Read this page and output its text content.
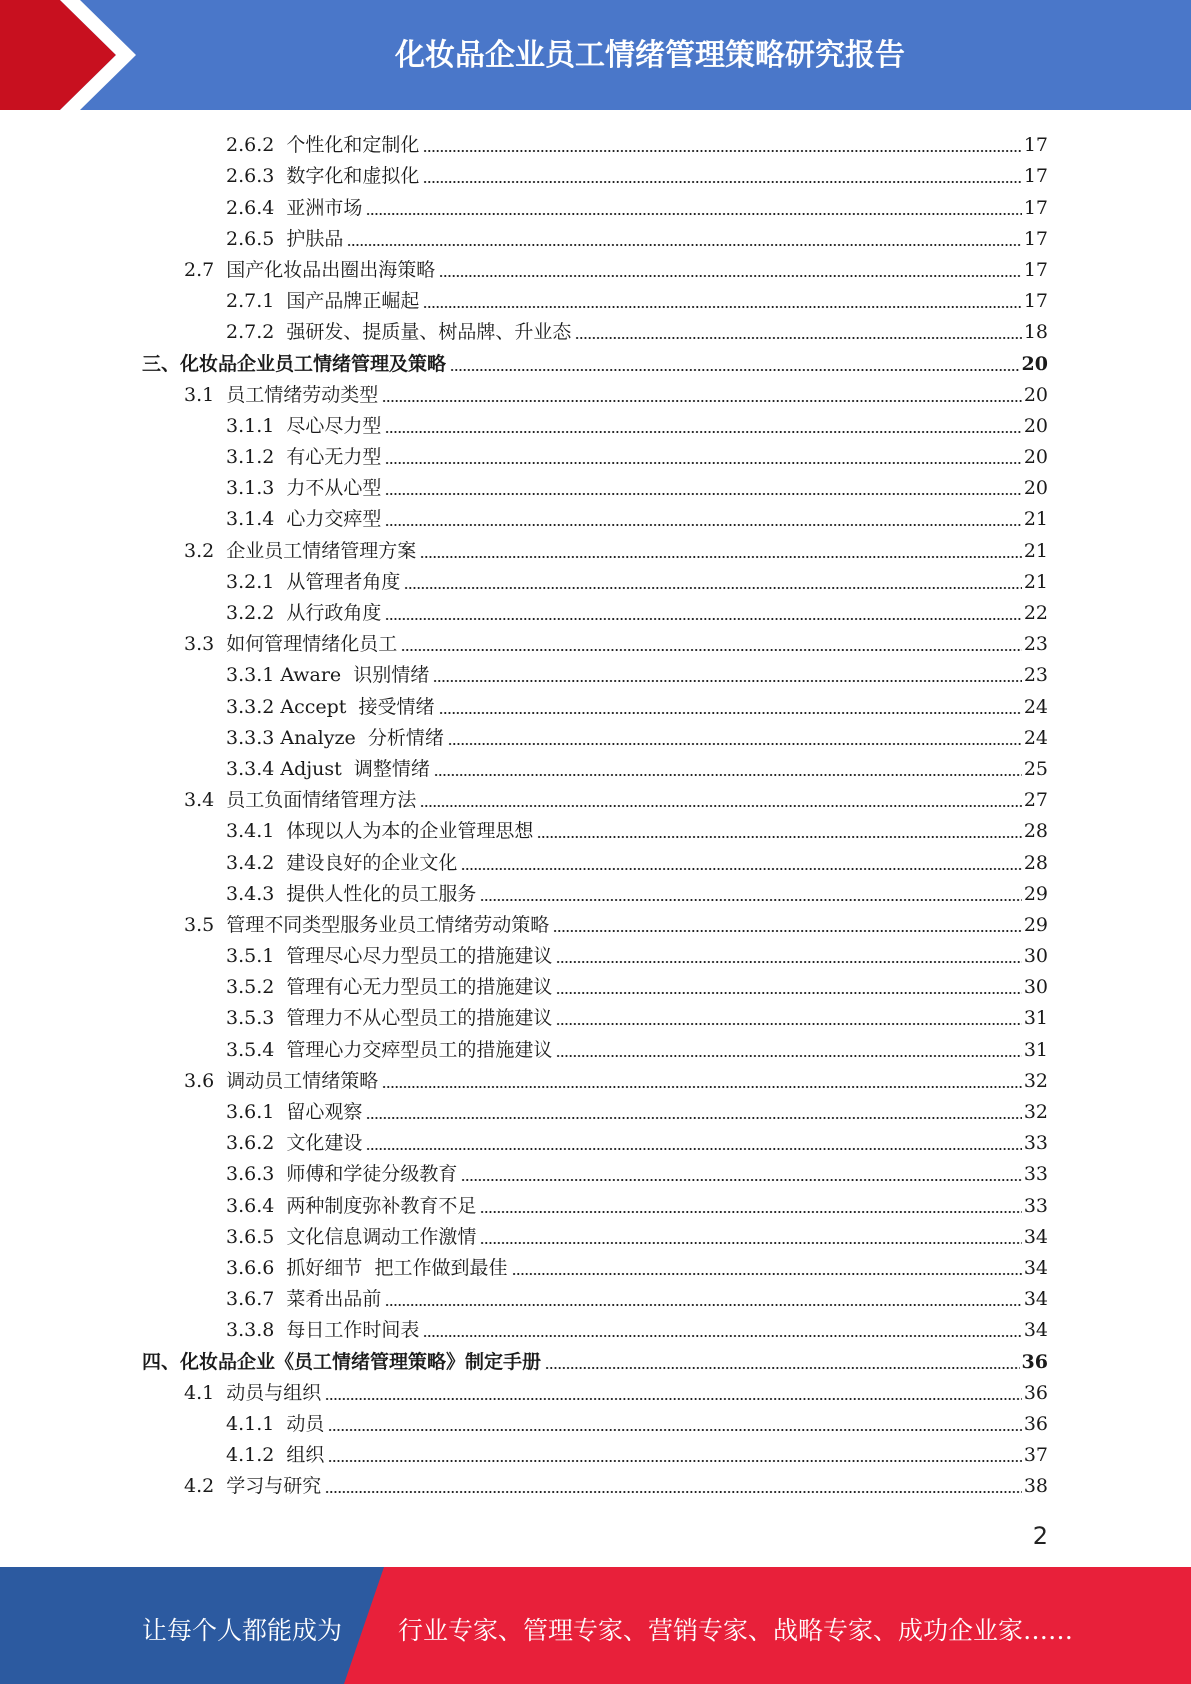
化妆品企业员工情绪管理策略研究报告
2.6.2  个性化和定制化	17
2.6.3  数字化和虚拟化	17
2.6.4  亚洲市场	17
2.6.5  护肤品	17
2.7  国产化妆品出圈出海策略	17
2.7.1  国产品牌正崛起	17
2.7.2  强研发、提质量、树品牌、升业态	18
三、化妆品企业员工情绪管理及策略	20
3.1  员工情绪劳动类型	20
3.1.1  尽心尽力型	20
3.1.2  有心无力型	20
3.1.3  力不从心型	20
3.1.4  心力交瘁型	21
3.2  企业员工情绪管理方案	21
3.2.1  从管理者角度	21
3.2.2  从行政角度	22
3.3  如何管理情绪化员工	23
3.3.1 Aware  识别情绪	23
3.3.2 Accept  接受情绪	24
3.3.3 Analyze  分析情绪	24
3.3.4 Adjust  调整情绪	25
3.4  员工负面情绪管理方法	27
3.4.1  体现以人为本的企业管理思想	28
3.4.2  建设良好的企业文化	28
3.4.3  提供人性化的员工服务	29
3.5  管理不同类型服务业员工情绪劳动策略	29
3.5.1  管理尽心尽力型员工的措施建议	30
3.5.2  管理有心无力型员工的措施建议	30
3.5.3  管理力不从心型员工的措施建议	31
3.5.4  管理心力交瘁型员工的措施建议	31
3.6  调动员工情绪策略	32
3.6.1  留心观察	32
3.6.2  文化建设	33
3.6.3  师傅和学徒分级教育	33
3.6.4  两种制度弥补教育不足	33
3.6.5  文化信息调动工作激情	34
3.6.6  抓好细节  把工作做到最佳	34
3.6.7  菜肴出品前	34
3.3.8  每日工作时间表	34
四、化妆品企业《员工情绪管理策略》制定手册	36
4.1  动员与组织	36
4.1.1  动员	36
4.1.2  组织	37
4.2  学习与研究	38
2
让每个人都能成为 行业专家、管理专家、营销专家、战略专家、成功企业家……
